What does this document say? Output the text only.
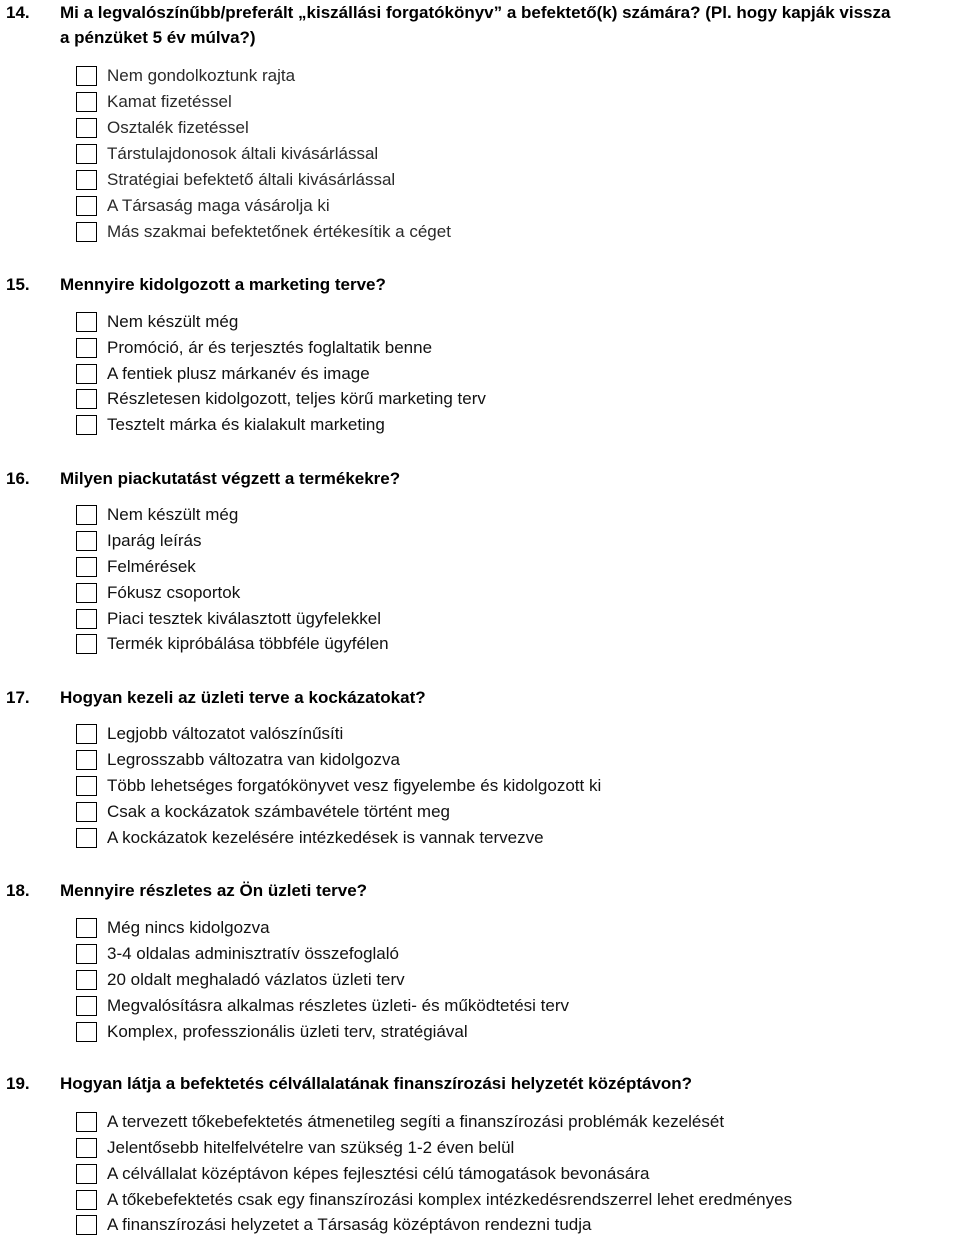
14. Mi a legvalószínűbb/preferált „kiszállási forgatókönyv” a befektető(k) számára? (Pl. hogy kapják vissza
a pénzüket 5 év múlva?)
Nem gondolkoztunk rajta
Kamat fizetéssel
Osztalék fizetéssel
Társtulajdonosok általi kivásárlással
Stratégiai befektető általi kivásárlással
A Társaság maga vásárolja ki
Más szakmai befektetőnek értékesítik a céget
15. Mennyire kidolgozott a marketing terve?
Nem készült még
Promóció, ár és terjesztés foglaltatik benne
A fentiek plusz márkanév és image
Részletesen kidolgozott, teljes körű marketing terv
Tesztelt márka és kialakult marketing
16. Milyen piackutatást végzett a termékekre?
Nem készült még
Iparág leírás
Felmérések
Fókusz csoportok
Piaci tesztek kiválasztott ügyfelekkel
Termék kipróbálása többféle ügyfélen
17. Hogyan kezeli az üzleti terve a kockázatokat?
Legjobb változatot valószínűsíti
Legrosszabb változatra van kidolgozva
Több lehetséges forgatókönyvet vesz figyelembe és kidolgozott ki
Csak a kockázatok számbavétele történt meg
A kockázatok kezelésére intézkedések is vannak tervezve
18. Mennyire részletes az Ön üzleti terve?
Még nincs kidolgozva
3-4 oldalas adminisztratív összefoglaló
20 oldalt meghaladó vázlatos üzleti terv
Megvalósításra alkalmas részletes üzleti- és működtetési terv
Komplex, professzionális üzleti terv, stratégiával
19. Hogyan látja a befektetés célvállalatának finanszírozási helyzetét középtávon?
A tervezett tőkebefektetés átmenetileg segíti a finanszírozási problémák kezelését
Jelentősebb hitelfelvételre van szükség 1-2 éven belül
A célvállalat középtávon képes fejlesztési célú támogatások bevonására
A tőkebefektetés csak egy finanszírozási komplex intézkedésrendszerrel lehet eredményes
A finanszírozási helyzetet a Társaság középtávon rendezni tudja
